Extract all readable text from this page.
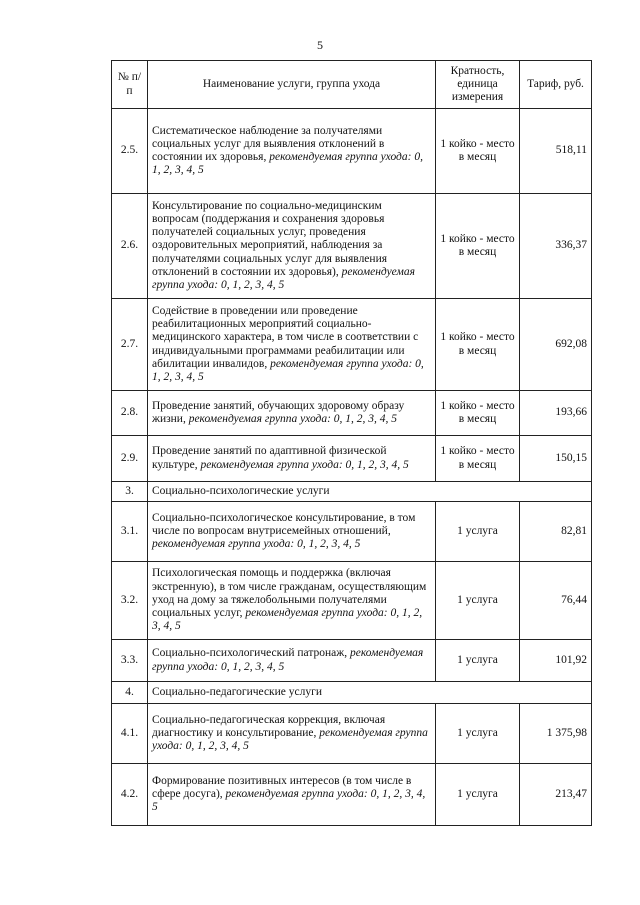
5
№ п/п	Наименование услуги, группа ухода	Кратность, единица измерения	Тариф, руб.
2.5.	Систематическое наблюдение за получателями социальных услуг для выявления отклонений в состоянии их здоровья, рекомендуемая группа ухода: 0, 1, 2, 3, 4, 5	1 койко - место в месяц	518,11
2.6.	Консультирование по социально-медицинским вопросам (поддержания и сохранения здоровья получателей социальных услуг, проведения оздоровительных мероприятий, наблюдения за получателями социальных услуг для выявления отклонений в состоянии их здоровья), рекомендуемая группа ухода: 0, 1, 2, 3, 4, 5	1 койко - место в месяц	336,37
2.7.	Содействие в проведении или проведение реабилитационных мероприятий социально-медицинского характера, в том числе в соответствии с индивидуальными программами реабилитации или абилитации инвалидов, рекомендуемая группа ухода: 0, 1, 2, 3, 4, 5	1 койко - место в месяц	692,08
2.8.	Проведение занятий, обучающих здоровому образу жизни, рекомендуемая группа ухода: 0, 1, 2, 3, 4, 5	1 койко - место в месяц	193,66
2.9.	Проведение занятий по адаптивной физической культуре, рекомендуемая группа ухода: 0, 1, 2, 3, 4, 5	1 койко - место в месяц	150,15
3.	Социально-психологические услуги		
3.1.	Социально-психологическое консультирование, в том числе по вопросам внутрисемейных отношений, рекомендуемая группа ухода: 0, 1, 2, 3, 4, 5	1 услуга	82,81
3.2.	Психологическая помощь и поддержка (включая экстренную), в том числе гражданам, осуществляющим уход на дому за тяжелобольными получателями социальных услуг, рекомендуемая группа ухода: 0, 1, 2, 3, 4, 5	1 услуга	76,44
3.3.	Социально-психологический патронаж, рекомендуемая группа ухода: 0, 1, 2, 3, 4, 5	1 услуга	101,92
4.	Социально-педагогические услуги		
4.1.	Социально-педагогическая коррекция, включая диагностику и консультирование, рекомендуемая группа ухода: 0, 1, 2, 3, 4, 5	1 услуга	1 375,98
4.2.	Формирование позитивных интересов (в том числе в сфере досуга), рекомендуемая группа ухода: 0, 1, 2, 3, 4, 5	1 услуга	213,47
